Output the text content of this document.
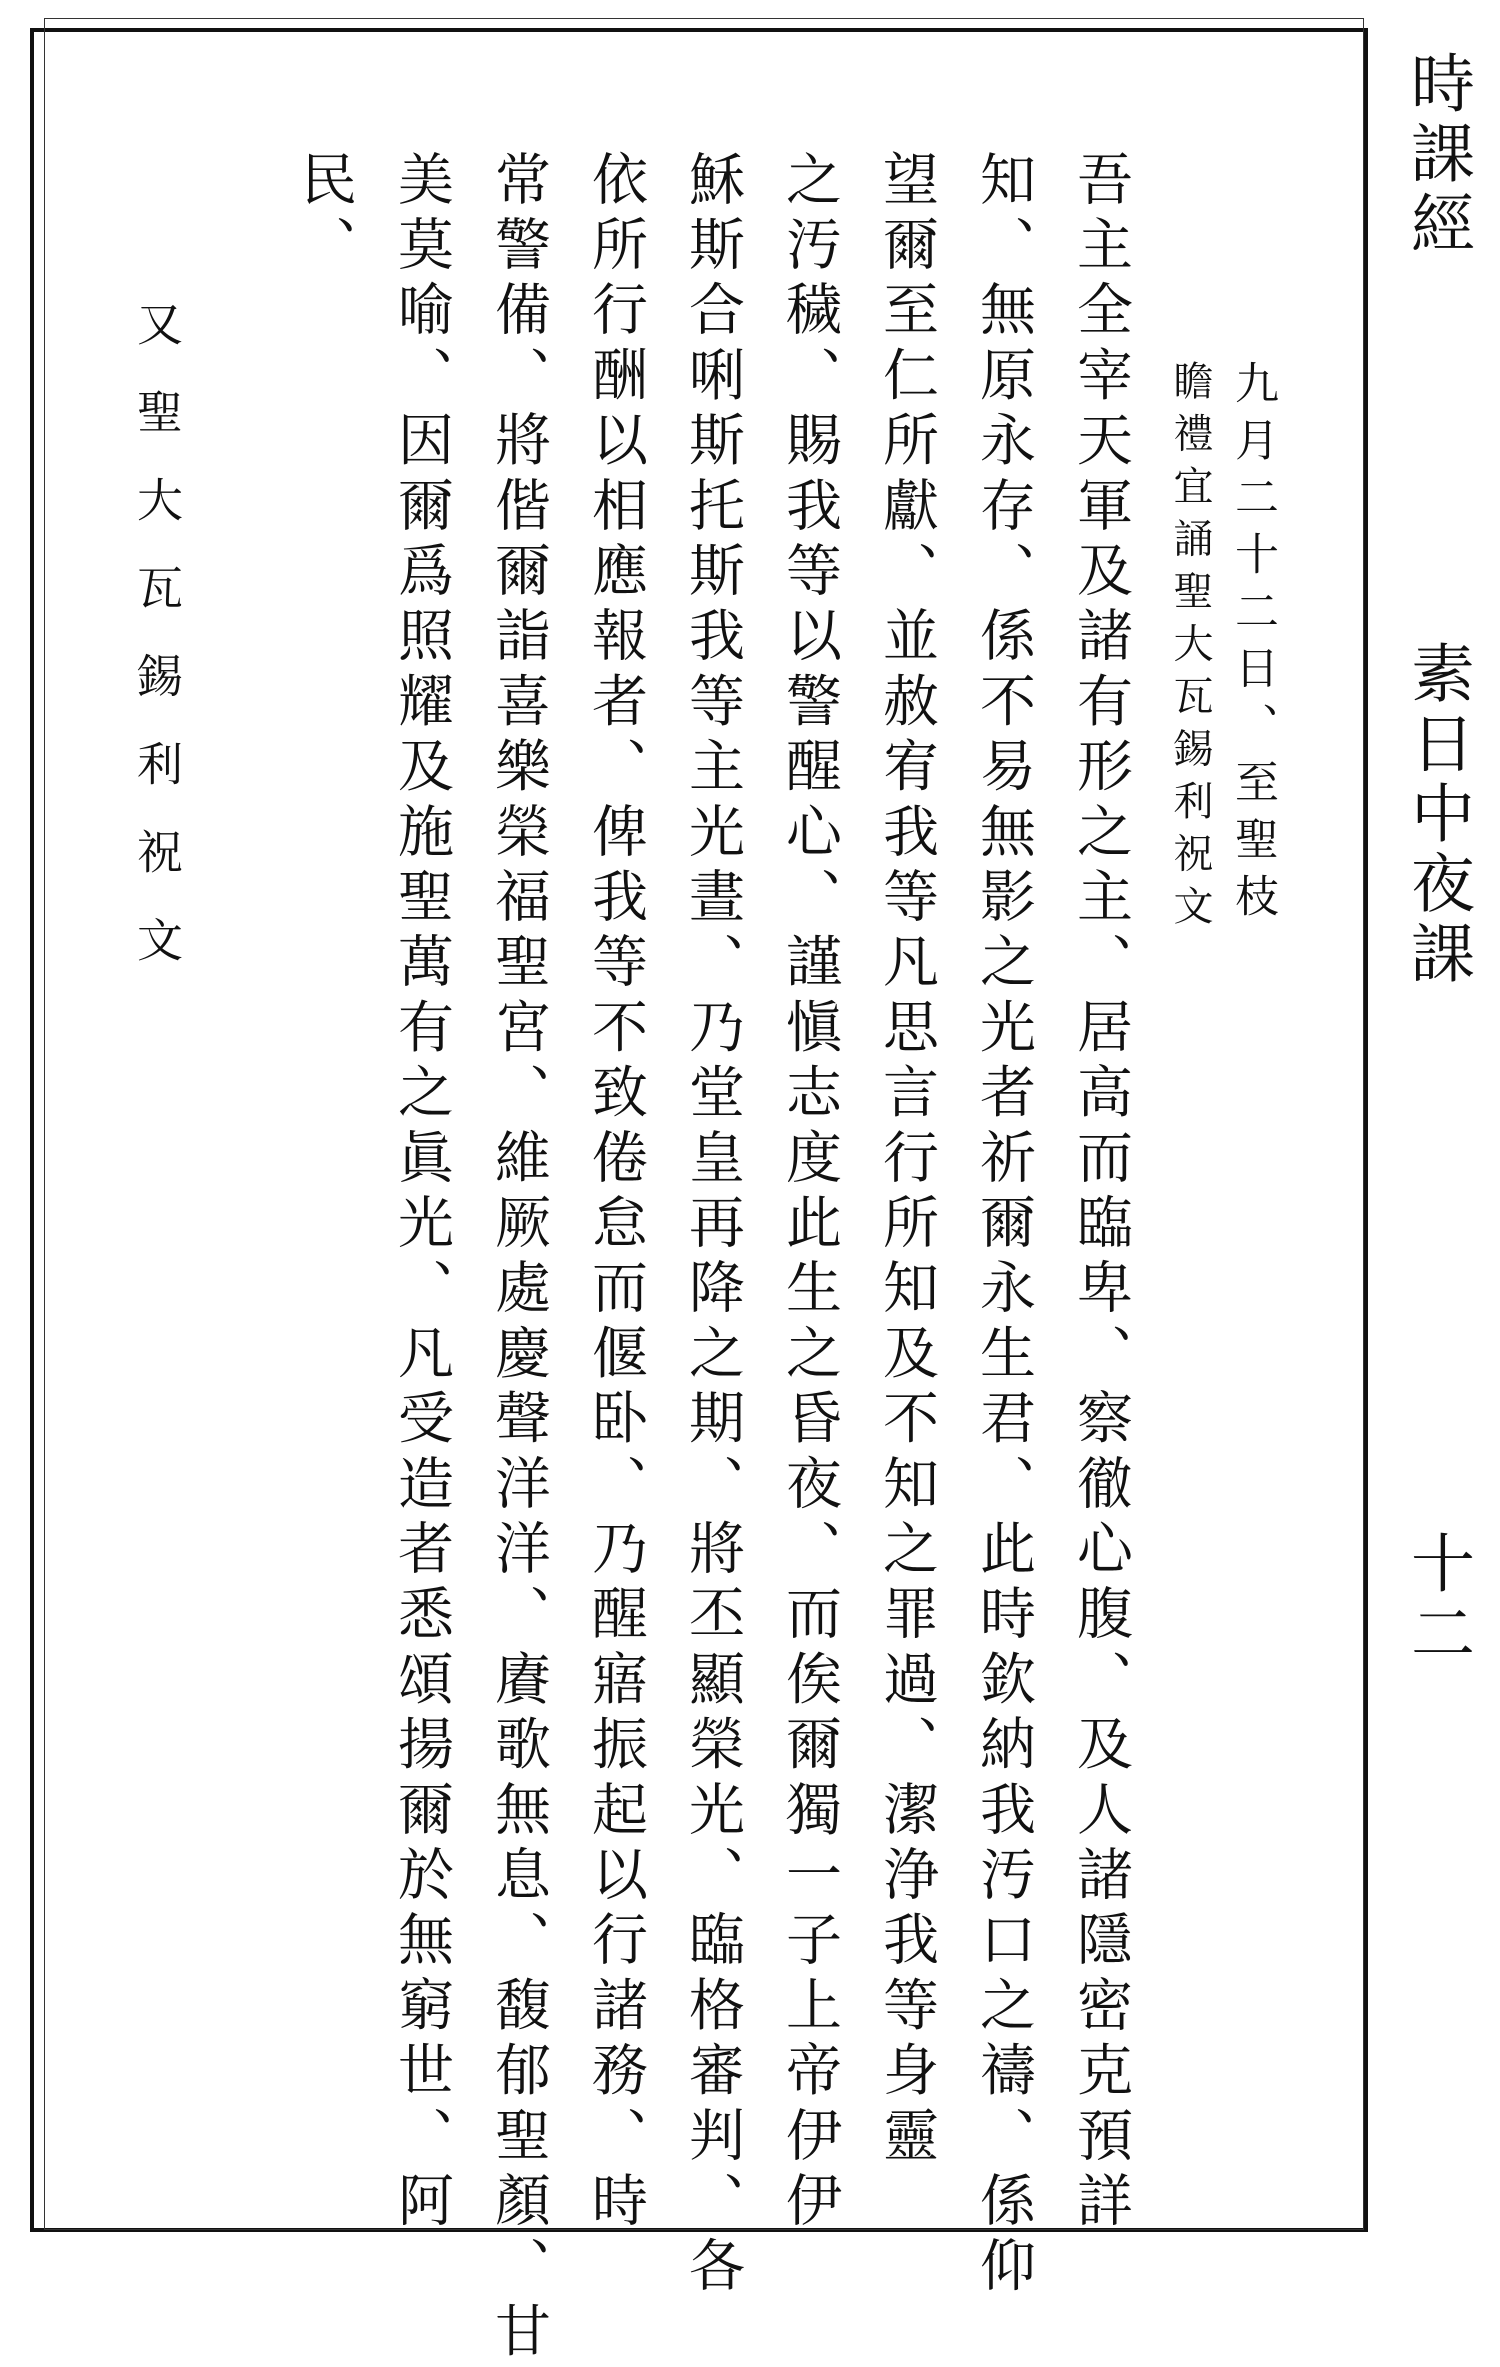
時課經
素日中夜課
十二
九月二十二日、至聖枝
瞻禮宜誦聖大瓦錫利祝文
吾主全宰天軍及諸有形之主、居高而臨卑、察徹心腹、及人諸隱密克預詳
知、無原永存、係不易無影之光者祈爾永生君、此時欽納我汚口之禱、係仰
望爾至仁所獻、並赦宥我等凡思言行所知及不知之罪過、潔浄我等身靈
之汚穢、賜我等以警醒心、謹愼志度此生之昏夜、而俟爾獨一子上帝伊伊
穌斯合唎斯托斯我等主光晝、乃堂皇再降之期、將丕顯榮光、臨格審判、各
依所行酬以相應報者、俾我等不致倦怠而偃卧、乃醒寤振起以行諸務、時
常警備、將偕爾詣喜樂榮福聖宮、維厥處慶聲洋洋、賡歌無息、馥郁聖顏、甘
美莫喻、因爾爲照耀及施聖萬有之眞光、凡受造者悉頌揚爾於無窮世、阿
民、
又聖大瓦錫利祝文
